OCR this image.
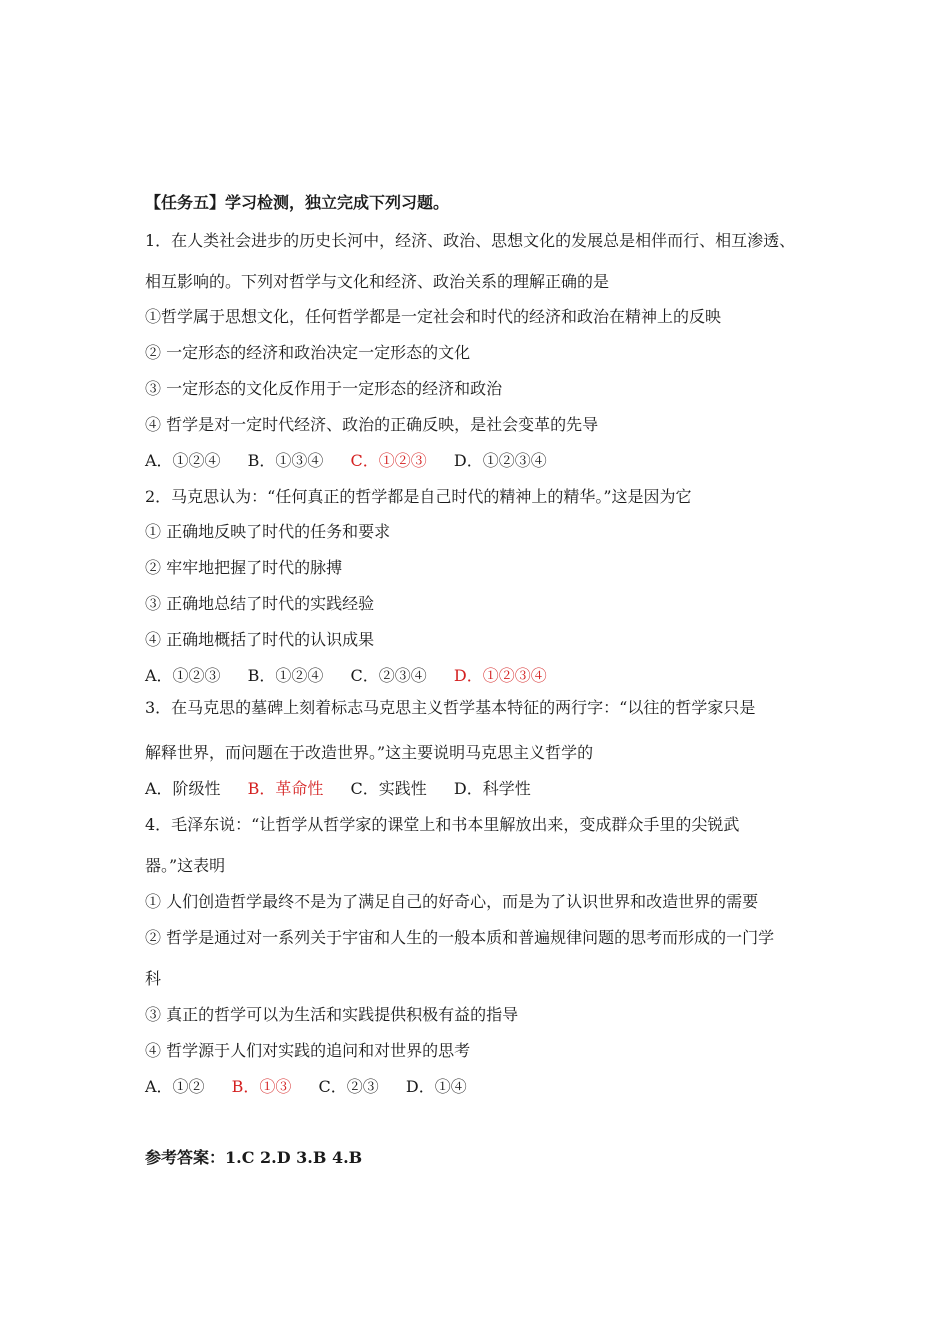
【任务五】学习检测，独立完成下列习题。
1．在人类社会进步的历史长河中，经济、政治、思想文化的发展总是相伴而行、相互渗透、
相互影响的。下列对哲学与文化和经济、政治关系的理解正确的是
①哲学属于思想文化，任何哲学都是一定社会和时代的经济和政治在精神上的反映
② 一定形态的经济和政治决定一定形态的文化
③ 一定形态的文化反作用于一定形态的经济和政治
④ 哲学是对一定时代经济、政治的正确反映，是社会变革的先导
A．①②④ B．①③④ C．①②③ D．①②③④
2．马克思认为：“任何真正的哲学都是自己时代的精神上的精华。”这是因为它
① 正确地反映了时代的任务和要求
② 牢牢地把握了时代的脉搏
③ 正确地总结了时代的实践经验
④ 正确地概括了时代的认识成果
A．①②③ B．①②④ C．②③④ D．①②③④
3．在马克思的墓碑上刻着标志马克思主义哲学基本特征的两行字：“以往的哲学家只是
解释世界，而问题在于改造世界。”这主要说明马克思主义哲学的
A．阶级性 B．革命性 C．实践性 D．科学性
4．毛泽东说：“让哲学从哲学家的课堂上和书本里解放出来，变成群众手里的尖锐武
器。”这表明
① 人们创造哲学最终不是为了满足自己的好奇心，而是为了认识世界和改造世界的需要
② 哲学是通过对一系列关于宇宙和人生的一般本质和普遍规律问题的思考而形成的一门学
科
③ 真正的哲学可以为生活和实践提供积极有益的指导
④ 哲学源于人们对实践的追问和对世界的思考
A．①② B．①③ C．②③ D．①④
参考答案：1.C 2.D 3.B 4.B
